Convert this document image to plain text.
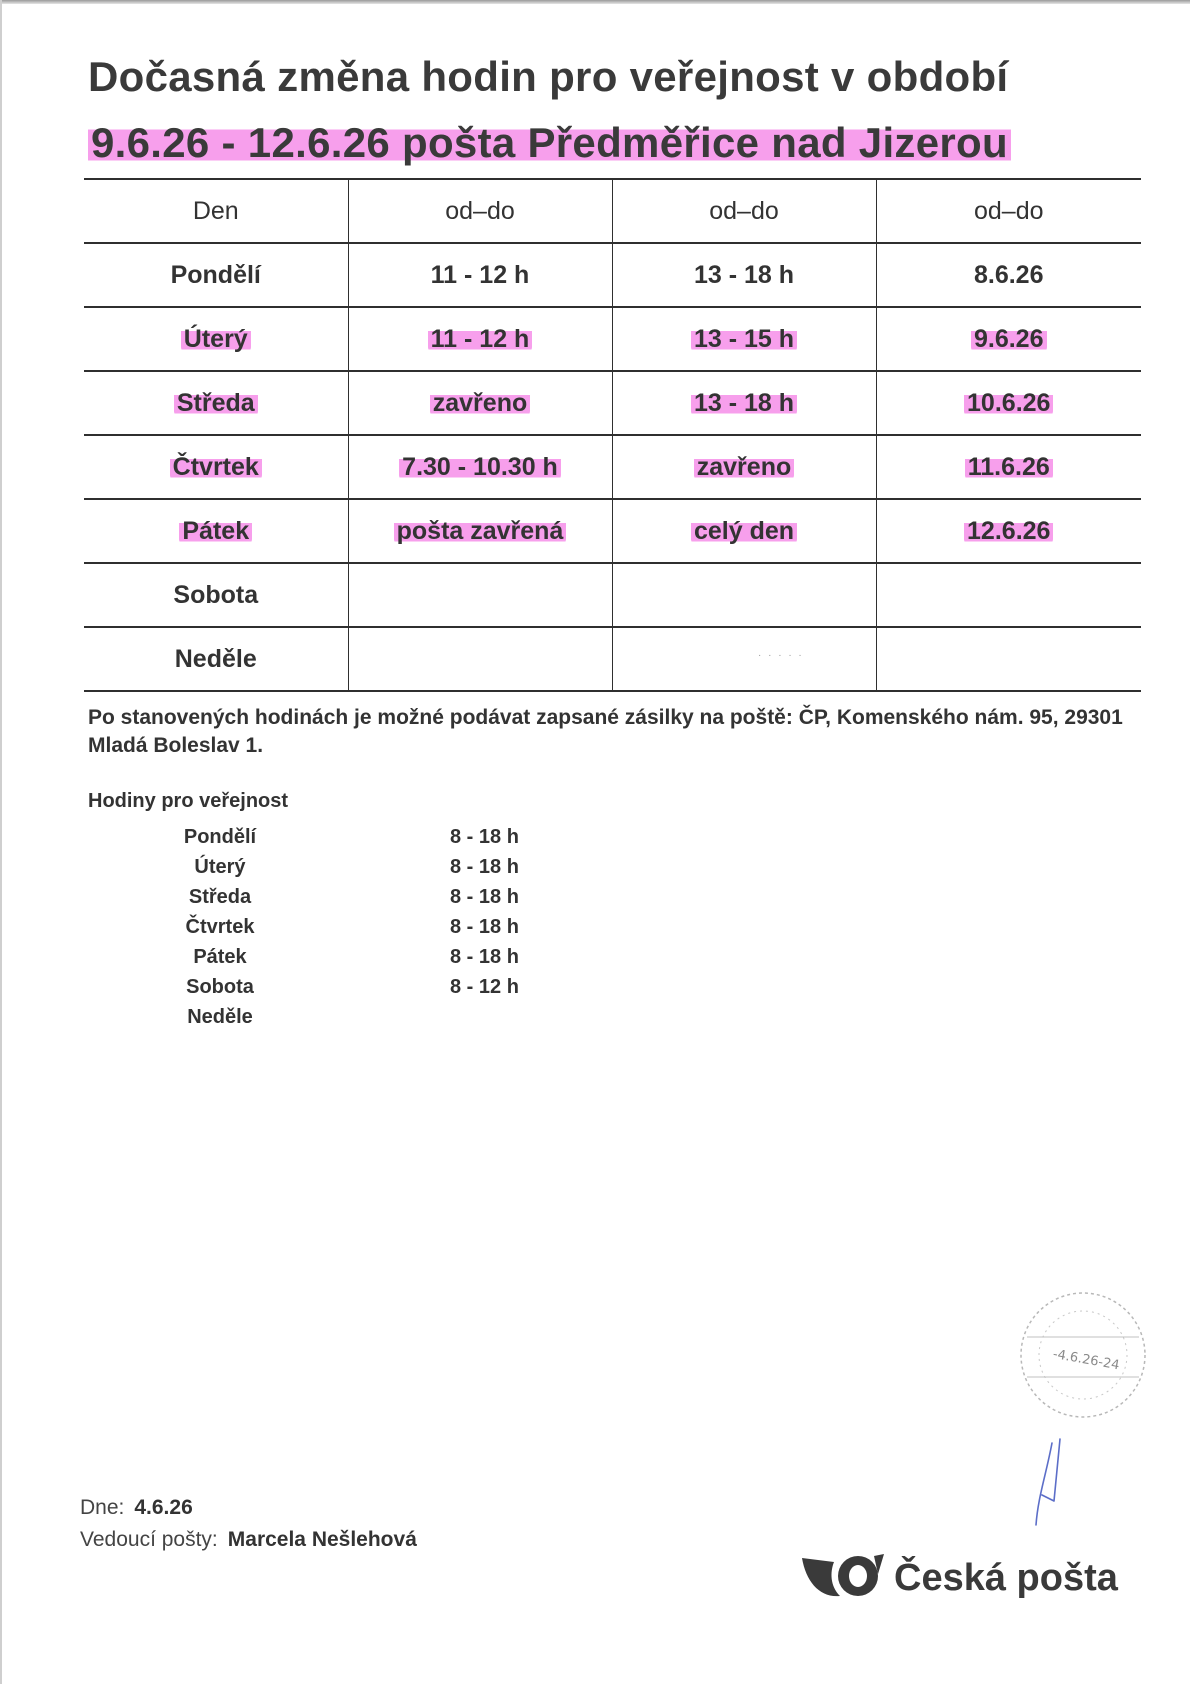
Dočasná změna hodin pro veřejnost v období
9.6.26 - 12.6.26 pošta Předměřice nad Jizerou
Den	od–do	od–do	od–do
Pondělí	11 - 12 h	13 - 18 h	8.6.26
Úterý	11 - 12 h	13 - 15 h	9.6.26
Středa	zavřeno	13 - 18 h	10.6.26
Čtvrtek	7.30 - 10.30 h	zavřeno	11.6.26
Pátek	pošta zavřená	celý den	12.6.26
Sobota			
Neděle				· · · · ·
Po stanovených hodinách je možné podávat zapsané zásilky na poště: ČP, Komenského nám. 95, 29301 Mladá Boleslav 1.
Hodiny pro veřejnost
Pondělí	8 - 18 h
Úterý	8 - 18 h
Středa	8 - 18 h
Čtvrtek	8 - 18 h
Pátek	8 - 18 h
Sobota	8 - 12 h
Neděle
-4.6.26-24
Dne: 4.6.26
Vedoucí pošty: Marcela Nešlehová
Česká pošta
